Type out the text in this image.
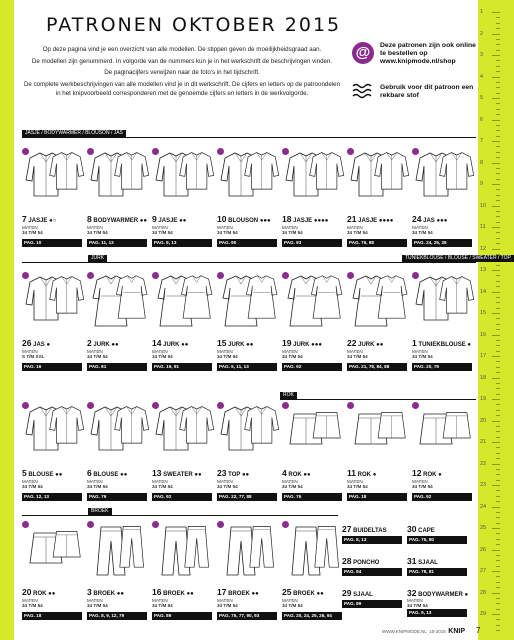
PATRONEN OKTOBER 2015

Op deze pagina vind je een overzicht van alle modellen. De stippen geven de moeilijkheidsgraad aan.

De modellen zijn genummerd. In volgorde van de nummers kun je in het werkschrift de beschrijvingen vinden.

De paginacijfers verwijzen naar de foto's in het tijdschrift.

De complete werkbeschrijvingen van alle modellen vind je in dit werkschrift. De cijfers en letters op de patroondelen in het knipvoorbeeld corresponderen met de genoemde cijfers en letters in de werkvolgorde.

@	Deze patronen zijn ook online te bestellen op www.knipmode.nl/shop
Gebruik voor dit patroon een rekbare stof
1
2
3
4
5
6
7
8
9
10
11
12
13
14
15
16
17
18
19
20
21
22
23
24
25
26
27
28
29
JASJE / BODYWARMER / BLOUSON / JAS
JURK	TUNIEKBLOUSE / BLOUSE / SWEATER / TOP
ROK
BROEK
7 JASJE ●○
MATEN
34 T/M 54
PAG. 10
8 BODYWARMER ●●
MATEN
34 T/M 54
PAG. 11, 13
9 JASJE ●●
MATEN
34 T/M 54
PAG. 8, 13
10 BLOUSON ●●●
MATEN
34 T/M 54
PAG. 90
18 JASJE ●●●●
MATEN
34 T/M 54
PAG. 93
21 JASJE ●●●●
MATEN
34 T/M 54
PAG. 76, 88
24 JAS ●●●
MATEN
34 T/M 54
PAG. 24, 25, 26
26 JAS ●
MATEN
S T/M XXL
PAG. 16
2 JURK ●●
MATEN
34 T/M 54
PAG. 81
14 JURK ●●
MATEN
34 T/M 54
PAG. 19, 91
15 JURK ●●
MATEN
34 T/M 54
PAG. 6, 11, 13
19 JURK ●●●
MATEN
34 T/M 54
PAG. 92
22 JURK ●●
MATEN
34 T/M 54
PAG. 21, 78, 84, 88
1 TUNIEKBLOUSE ●
MATEN
34 T/M 54
PAG. 20, 79
5 BLOUSE ●●
MATEN
34 T/M 54
PAG. 12, 13
6 BLOUSE ●●
MATEN
34 T/M 54
PAG. 79
13 SWEATER ●●
MATEN
34 T/M 54
PAG. 92
23 TOP ●●
MATEN
34 T/M 54
PAG. 22, 77, 88
4 ROK ●●
MATEN
34 T/M 54
PAG. 76
11 ROK ●
MATEN
34 T/M 54
PAG. 18
12 ROK ●
MATEN
34 T/M 54
PAG. 92
20 ROK ●●
MATEN
34 T/M 54
PAG. 18
3 BROEK ●●
MATEN
34 T/M 54
PAG. 8, 9, 12, 79
16 BROEK ●●
MATEN
34 T/M 54
PAG. 89
17 BROEK ●●
MATEN
34 T/M 54
PAG. 75, 77, 90, 93
25 BROEK ●●
MATEN
34 T/M 54
PAG. 20, 24, 25, 26, 94
27 BUIDELTAS
PAG. 8, 13
30 CAPE
PAG. 75, 80
28 PONCHO
PAG. 94
31 SJAAL
PAG. 78, 81
29 SJAAL
PAG. 89
32 BODYWARMER ●
MATEN
34 T/M 54
PAG. 9, 13
WWW.KNIPMODE.NL 10-2015 KNIP 7
